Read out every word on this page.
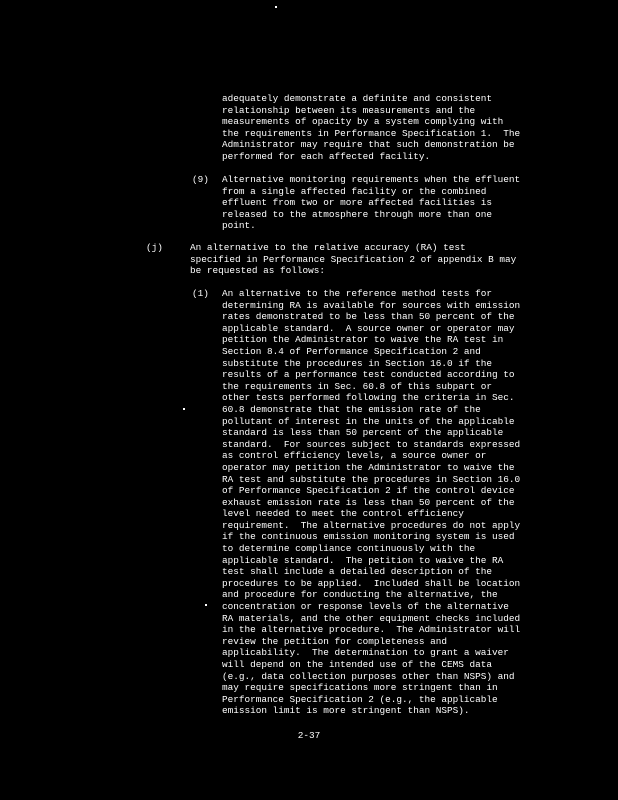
adequately demonstrate a definite and consistent
relationship between its measurements and the
measurements of opacity by a system complying with
the requirements in Performance Specification 1.  The
Administrator may require that such demonstration be
performed for each affected facility.
(9) Alternative monitoring requirements when the effluent
from a single affected facility or the combined
effluent from two or more affected facilities is
released to the atmosphere through more than one
point.
(j)	An alternative to the relative accuracy (RA) test
specified in Performance Specification 2 of appendix B may
be requested as follows:
(1) An alternative to the reference method tests for
determining RA is available for sources with emission
rates demonstrated to be less than 50 percent of the
applicable standard.  A source owner or operator may
petition the Administrator to waive the RA test in
Section 8.4 of Performance Specification 2 and
substitute the procedures in Section 16.0 if the
results of a performance test conducted according to
the requirements in Sec. 60.8 of this subpart or
other tests performed following the criteria in Sec.
60.8 demonstrate that the emission rate of the
pollutant of interest in the units of the applicable
standard is less than 50 percent of the applicable
standard.  For sources subject to standards expressed
as control efficiency levels, a source owner or
operator may petition the Administrator to waive the
RA test and substitute the procedures in Section 16.0
of Performance Specification 2 if the control device
exhaust emission rate is less than 50 percent of the
level needed to meet the control efficiency
requirement.  The alternative procedures do not apply
if the continuous emission monitoring system is used
to determine compliance continuously with the
applicable standard.  The petition to waive the RA
test shall include a detailed description of the
procedures to be applied.  Included shall be location
and procedure for conducting the alternative, the
concentration or response levels of the alternative
RA materials, and the other equipment checks included
in the alternative procedure.  The Administrator will
review the petition for completeness and
applicability.  The determination to grant a waiver
will depend on the intended use of the CEMS data
(e.g., data collection purposes other than NSPS) and
may require specifications more stringent than in
Performance Specification 2 (e.g., the applicable
emission limit is more stringent than NSPS).
2-37
